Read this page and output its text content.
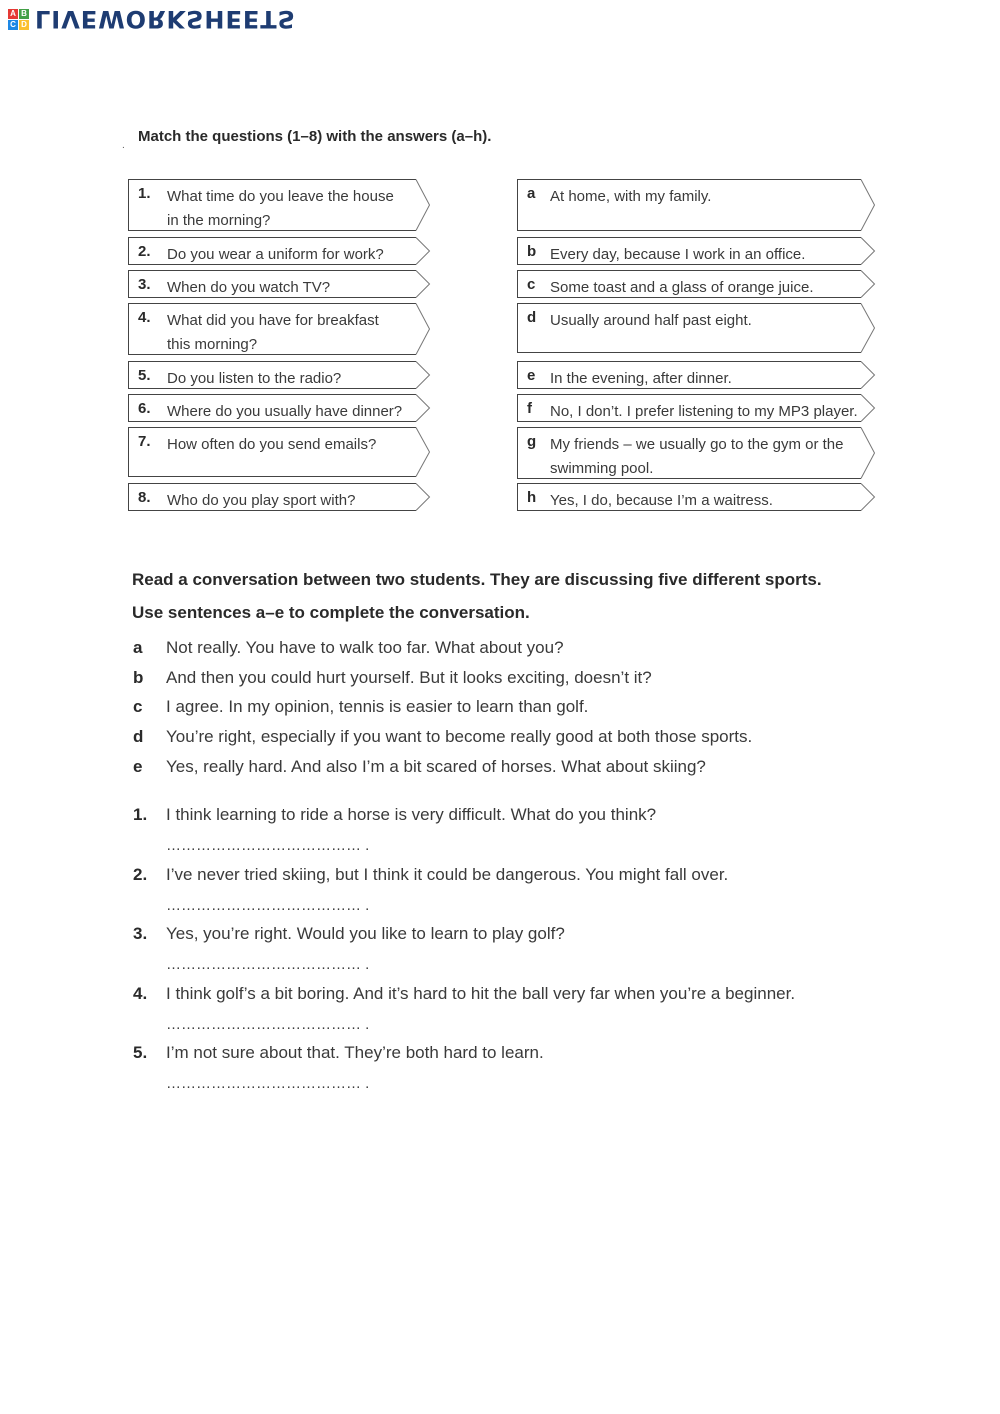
A B
C D LIVEWORKSHEETS
.
Match the questions (1–8) with the answers (a–h).
1. What time do you leave the house
in the morning?
2. Do you wear a uniform for work?
3. When do you watch TV?
4. What did you have for breakfast
this morning?
5. Do you listen to the radio?
6. Where do you usually have dinner?
7. How often do you send emails?
8. Who do you play sport with?
a At home, with my family.
b Every day, because I work in an office.
c Some toast and a glass of orange juice.
d Usually around half past eight.
e In the evening, after dinner.
f No, I don’t. I prefer listening to my MP3 player.
g My friends – we usually go to the gym or the
swimming pool.
h Yes, I do, because I’m a waitress.
Read a conversation between two students. They are discussing five different sports.
Use sentences a–e to complete the conversation.
a Not really. You have to walk too far. What about you?
b And then you could hurt yourself. But it looks exciting, doesn’t it?
c I agree. In my opinion, tennis is easier to learn than golf.
d You’re right, especially if you want to become really good at both those sports.
e Yes, really hard. And also I’m a bit scared of horses. What about skiing?
1. I think learning to ride a horse is very difficult. What do you think?
………………………………… .
2. I’ve never tried skiing, but I think it could be dangerous. You might fall over.
………………………………… .
3. Yes, you’re right. Would you like to learn to play golf?
………………………………… .
4. I think golf’s a bit boring. And it’s hard to hit the ball very far when you’re a beginner.
………………………………… .
5. I’m not sure about that. They’re both hard to learn.
………………………………… .
